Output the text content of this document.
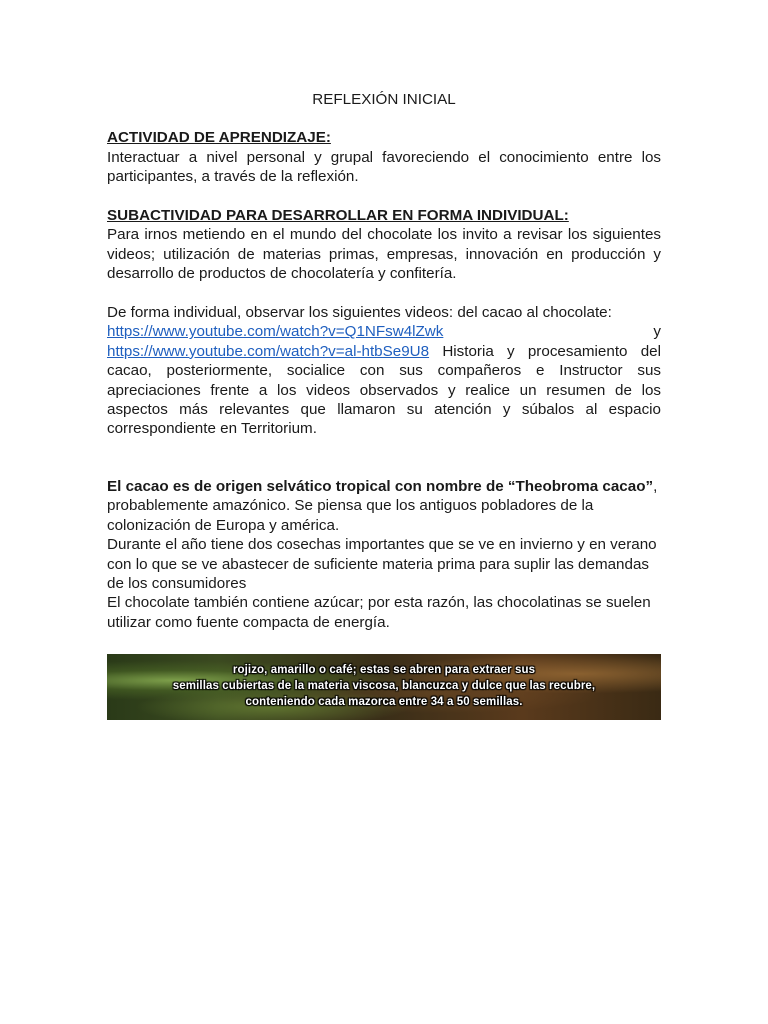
REFLEXIÓN INICIAL

ACTIVIDAD DE APRENDIZAJE:

Interactuar a nivel personal y grupal favoreciendo el conocimiento entre los participantes, a través de la reflexión.

SUBACTIVIDAD PARA DESARROLLAR EN FORMA INDIVIDUAL:

Para irnos metiendo en el mundo del chocolate los invito a revisar los siguientes videos; utilización de materias primas, empresas, innovación en producción y desarrollo de productos de chocolatería y confitería.

De forma individual, observar los siguientes videos: del cacao al chocolate:

https://www.youtube.com/watch?v=Q1NFsw4lZwk	y

https://www.youtube.com/watch?v=al-htbSe9U8 Historia y procesamiento del cacao, posteriormente, socialice con sus compañeros e Instructor sus apreciaciones frente a los videos observados y realice un resumen de los aspectos más relevantes que llamaron su atención y súbalos al espacio correspondiente en Territorium.

El cacao es de origen selvático tropical con nombre de “Theobroma cacao”, probablemente amazónico. Se piensa que los antiguos pobladores de la colonización de Europa y américa.

Durante el año tiene dos cosechas importantes que se ve en invierno y en verano con lo que se ve abastecer de suficiente materia prima para suplir las demandas de los consumidores

El chocolate también contiene azúcar; por esta razón, las chocolatinas se suelen utilizar como fuente compacta de energía.

rojizo, amarillo o café; estas se abren para extraer sus
semillas cubiertas de la materia viscosa, blancuzca y dulce que las recubre,
conteniendo cada mazorca entre 34 a 50 semillas.
